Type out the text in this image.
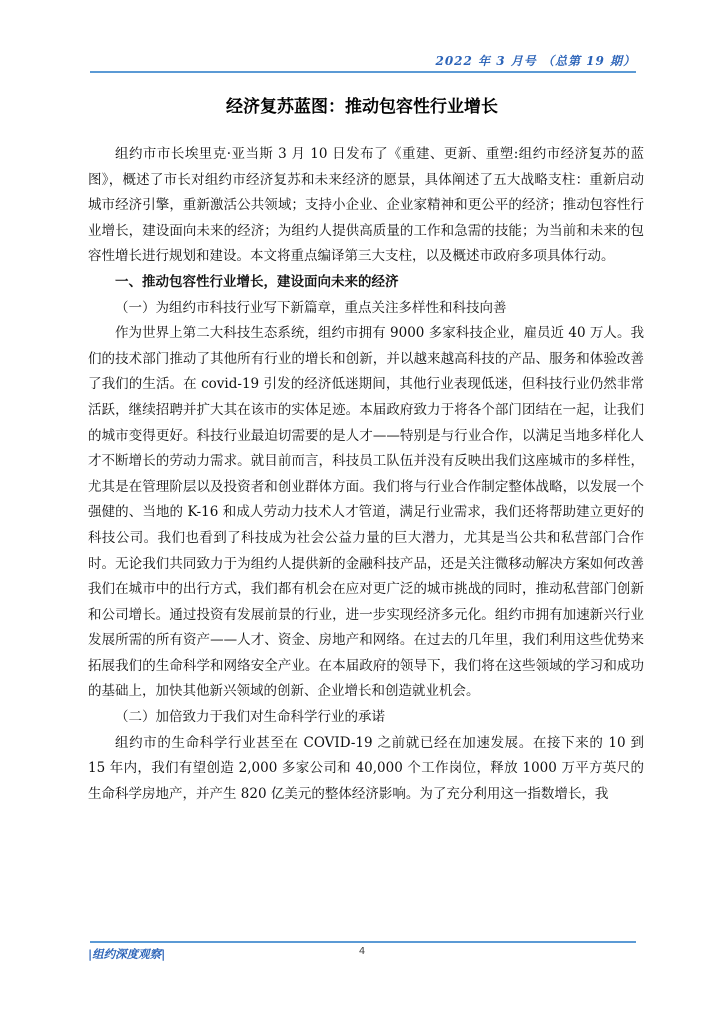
2022 年 3 月号 （总第 19 期）
经济复苏蓝图：推动包容性行业增长

组约市市长埃里克·亚当斯 3 月 10 日发布了《重建、更新、重塑:组约市经济复苏的蓝图》，概述了市长对组约市经济复苏和未来经济的愿景，具体阐述了五大战略支柱：重新启动城市经济引擎，重新激活公共领域；支持小企业、企业家精神和更公平的经济；推动包容性行业增长，建设面向未来的经济；为组约人提供高质量的工作和急需的技能；为当前和未来的包容性增长进行规划和建设。本文将重点编译第三大支柱，以及概述市政府多项具体行动。

一、推动包容性行业增长，建设面向未来的经济

（一）为组约市科技行业写下新篇章，重点关注多样性和科技向善

作为世界上第二大科技生态系统，组约市拥有 9000 多家科技企业，雇员近 40 万人。我们的技术部门推动了其他所有行业的增长和创新，并以越来越高科技的产品、服务和体验改善了我们的生活。在 covid-19 引发的经济低迷期间，其他行业表现低迷，但科技行业仍然非常活跃，继续招聘并扩大其在该市的实体足迹。本届政府致力于将各个部门团结在一起，让我们的城市变得更好。科技行业最迫切需要的是人才——特别是与行业合作，以满足当地多样化人才不断增长的劳动力需求。就目前而言，科技员工队伍并没有反映出我们这座城市的多样性，尤其是在管理阶层以及投资者和创业群体方面。我们将与行业合作制定整体战略，以发展一个强健的、当地的 K-16 和成人劳动力技术人才管道，满足行业需求，我们还将帮助建立更好的科技公司。我们也看到了科技成为社会公益力量的巨大潜力，尤其是当公共和私营部门合作时。无论我们共同致力于为组约人提供新的金融科技产品，还是关注微移动解决方案如何改善我们在城市中的出行方式，我们都有机会在应对更广泛的城市挑战的同时，推动私营部门创新和公司增长。通过投资有发展前景的行业，进一步实现经济多元化。组约市拥有加速新兴行业发展所需的所有资产——人才、资金、房地产和网络。在过去的几年里，我们利用这些优势来拓展我们的生命科学和网络安全产业。在本届政府的领导下，我们将在这些领域的学习和成功的基础上，加快其他新兴领域的创新、企业增长和创造就业机会。

（二）加倍致力于我们对生命科学行业的承诺

组约市的生命科学行业甚至在 COVID-19 之前就已经在加速发展。在接下来的 10 到 15 年内，我们有望创造 2,000 多家公司和 40,000 个工作岗位，释放 1000 万平方英尺的生命科学房地产，并产生 820 亿美元的整体经济影响。为了充分利用这一指数增长，我

|组约深度观察|	4
